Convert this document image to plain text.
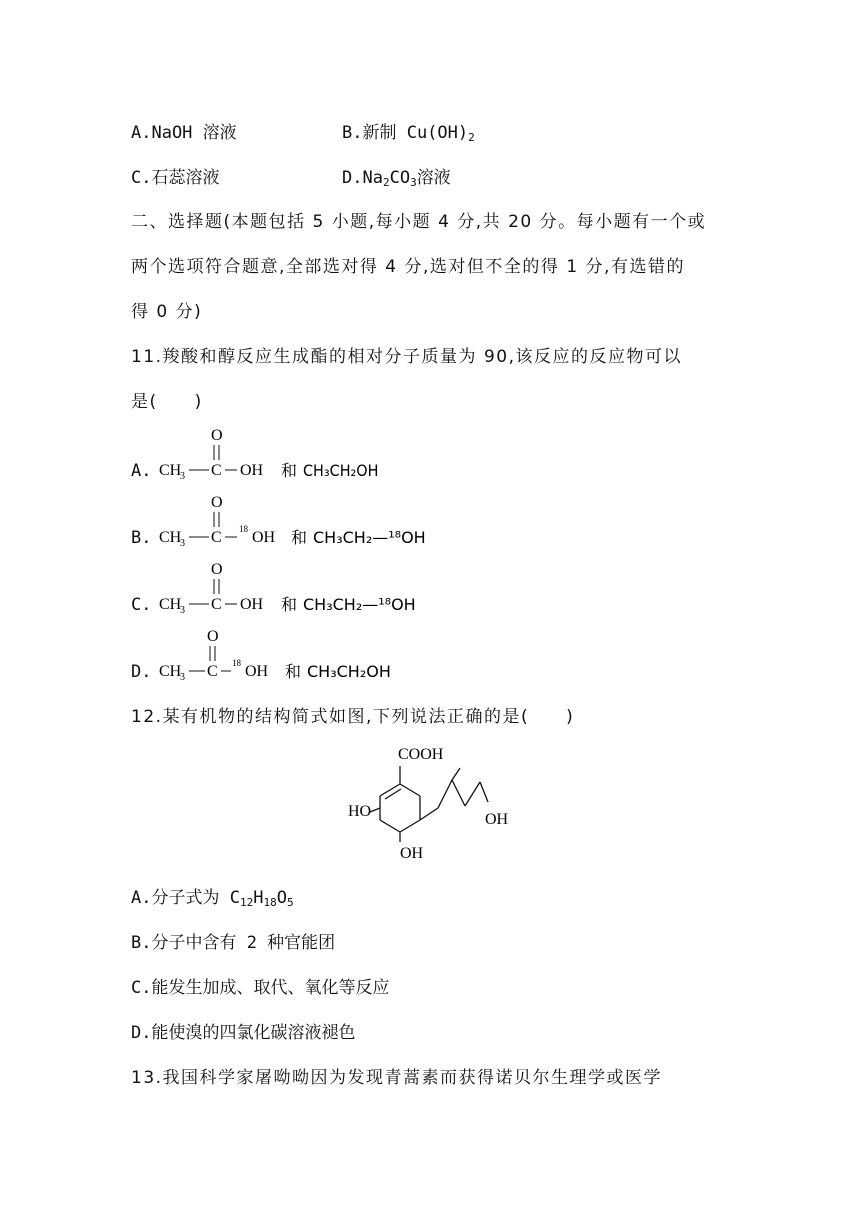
A.NaOH 溶液	B.新制 $Cu(OH)_2$
C.石蕊溶液	$D.Na_2CO_3$溶液
二、选择题(本题包括 5 小题,每小题 4 分,共 20 分。每小题有一个或
两个选项符合题意,全部选对得 4 分,选对但不全的得 1 分,有选错的
得 0 分)
11.羧酸和醇反应生成酯的相对分子质量为 90,该反应的反应物可以
是(　　)
A. CH
3 C
O
OH 和 CH₃CH₂OH
B. CH
3 C
O
18 OH 和 CH₃CH₂—¹⁸OH
C. CH
3 C
O
OH 和 CH₃CH₂—¹⁸OH
D. CH
3 C
O
18 OH 和 CH₃CH₂OH
12.某有机物的结构简式如图,下列说法正确的是(　　)
COOH
HO
OH
OH
A.分子式为 $C_{12}H_{18}O_5$
B.分子中含有 2 种官能团
C.能发生加成、取代、氧化等反应
D.能使溴的四氯化碳溶液褪色
13.我国科学家屠呦呦因为发现青蒿素而获得诺贝尔生理学或医学
